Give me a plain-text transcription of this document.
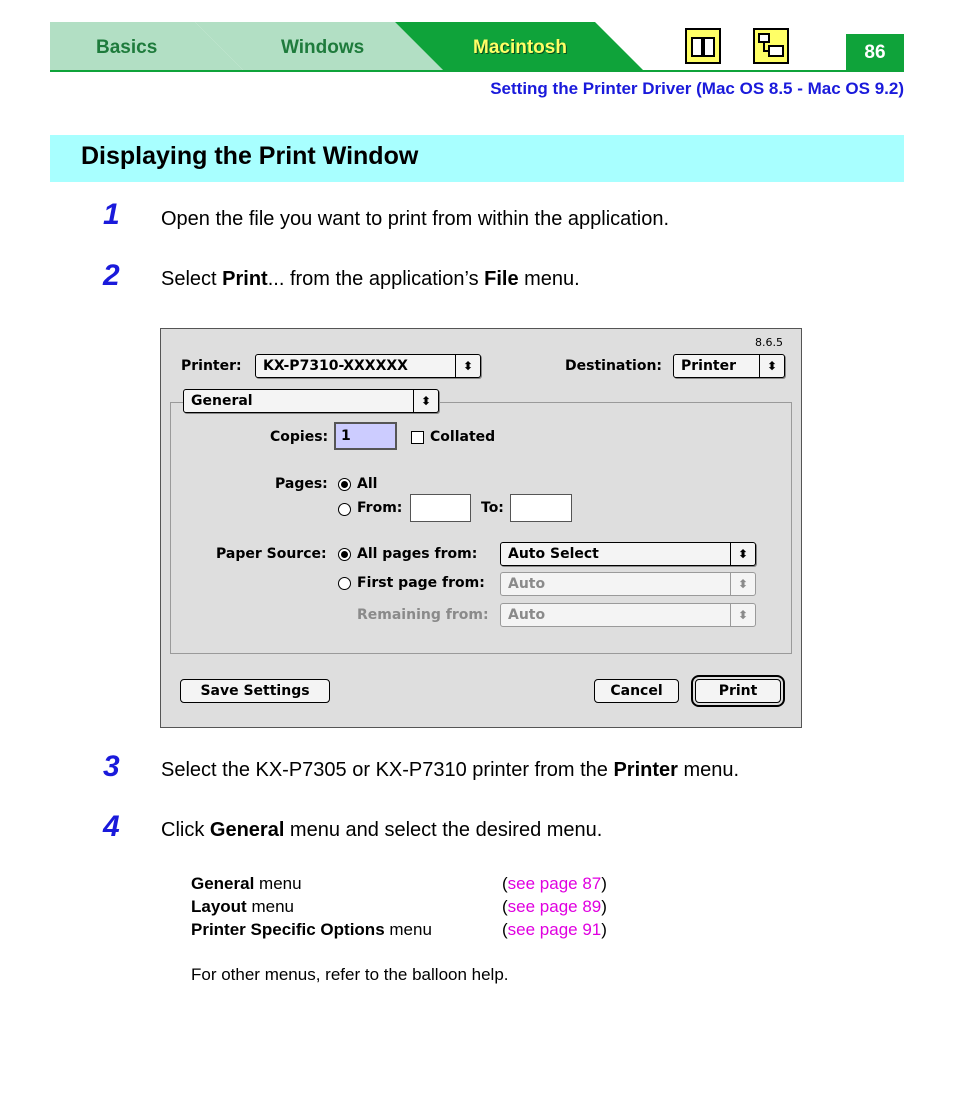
Basics	Windows	Macintosh	86
Setting the Printer Driver (Mac OS 8.5 - Mac OS 9.2)
Displaying the Print Window
1 Open the file you want to print from within the application.
2 Select Print... from the application’s File menu.
8.6.5
Printer: KX-P7310-XXXXXX	⬍	Destination: Printer	⬍
General	⬍
Copies: 1	Collated
Pages: All
From:	To:
Paper Source: All pages from: Auto Select	⬍
First page from: Auto	⬍
Remaining from: Auto	⬍
Save Settings	Cancel	Print
3 Select the KX-P7305 or KX-P7310 printer from the Printer menu.
4 Click General menu and select the desired menu.
General menu	(see page 87)
Layout menu	(see page 89)
Printer Specific Options menu	(see page 91)
For other menus, refer to the balloon help.
